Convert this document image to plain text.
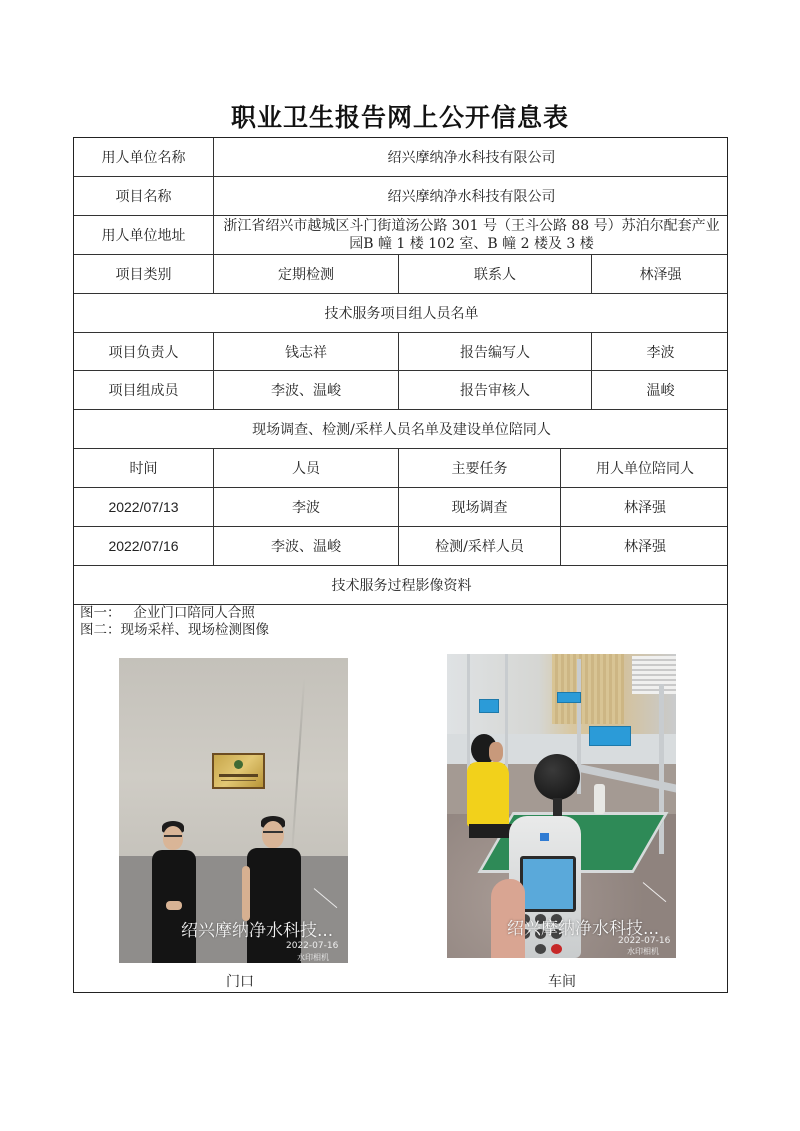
职业卫生报告网上公开信息表
用人单位名称	绍兴摩纳净水科技有限公司
项目名称	绍兴摩纳净水科技有限公司
用人单位地址
浙江省绍兴市越城区斗门街道汤公路 301 号（王斗公路 88 号）苏泊尔配套产业园B 幢 1 楼 102 室、B 幢 2 楼及 3 楼
项目类别	定期检测	联系人	林泽强
技术服务项目组人员名单
项目负责人	钱志祥	报告编写人	李波
项目组成员	李波、温峻	报告审核人	温峻
现场调查、检测/采样人员名单及建设单位陪同人
时间	人员	主要任务	用人单位陪同人
2022/07/13	李波	现场调查	林泽强
2022/07/16	李波、温峻	检测/采样人员	林泽强
技术服务过程影像资料
图一：   企业门口陪同人合照
图二：现场采样、现场检测图像
绍兴摩纳净水科技...
2022-07-16
水印相机
绍兴摩纳净水科技...
2022-07-16
水印相机
门口	车间
